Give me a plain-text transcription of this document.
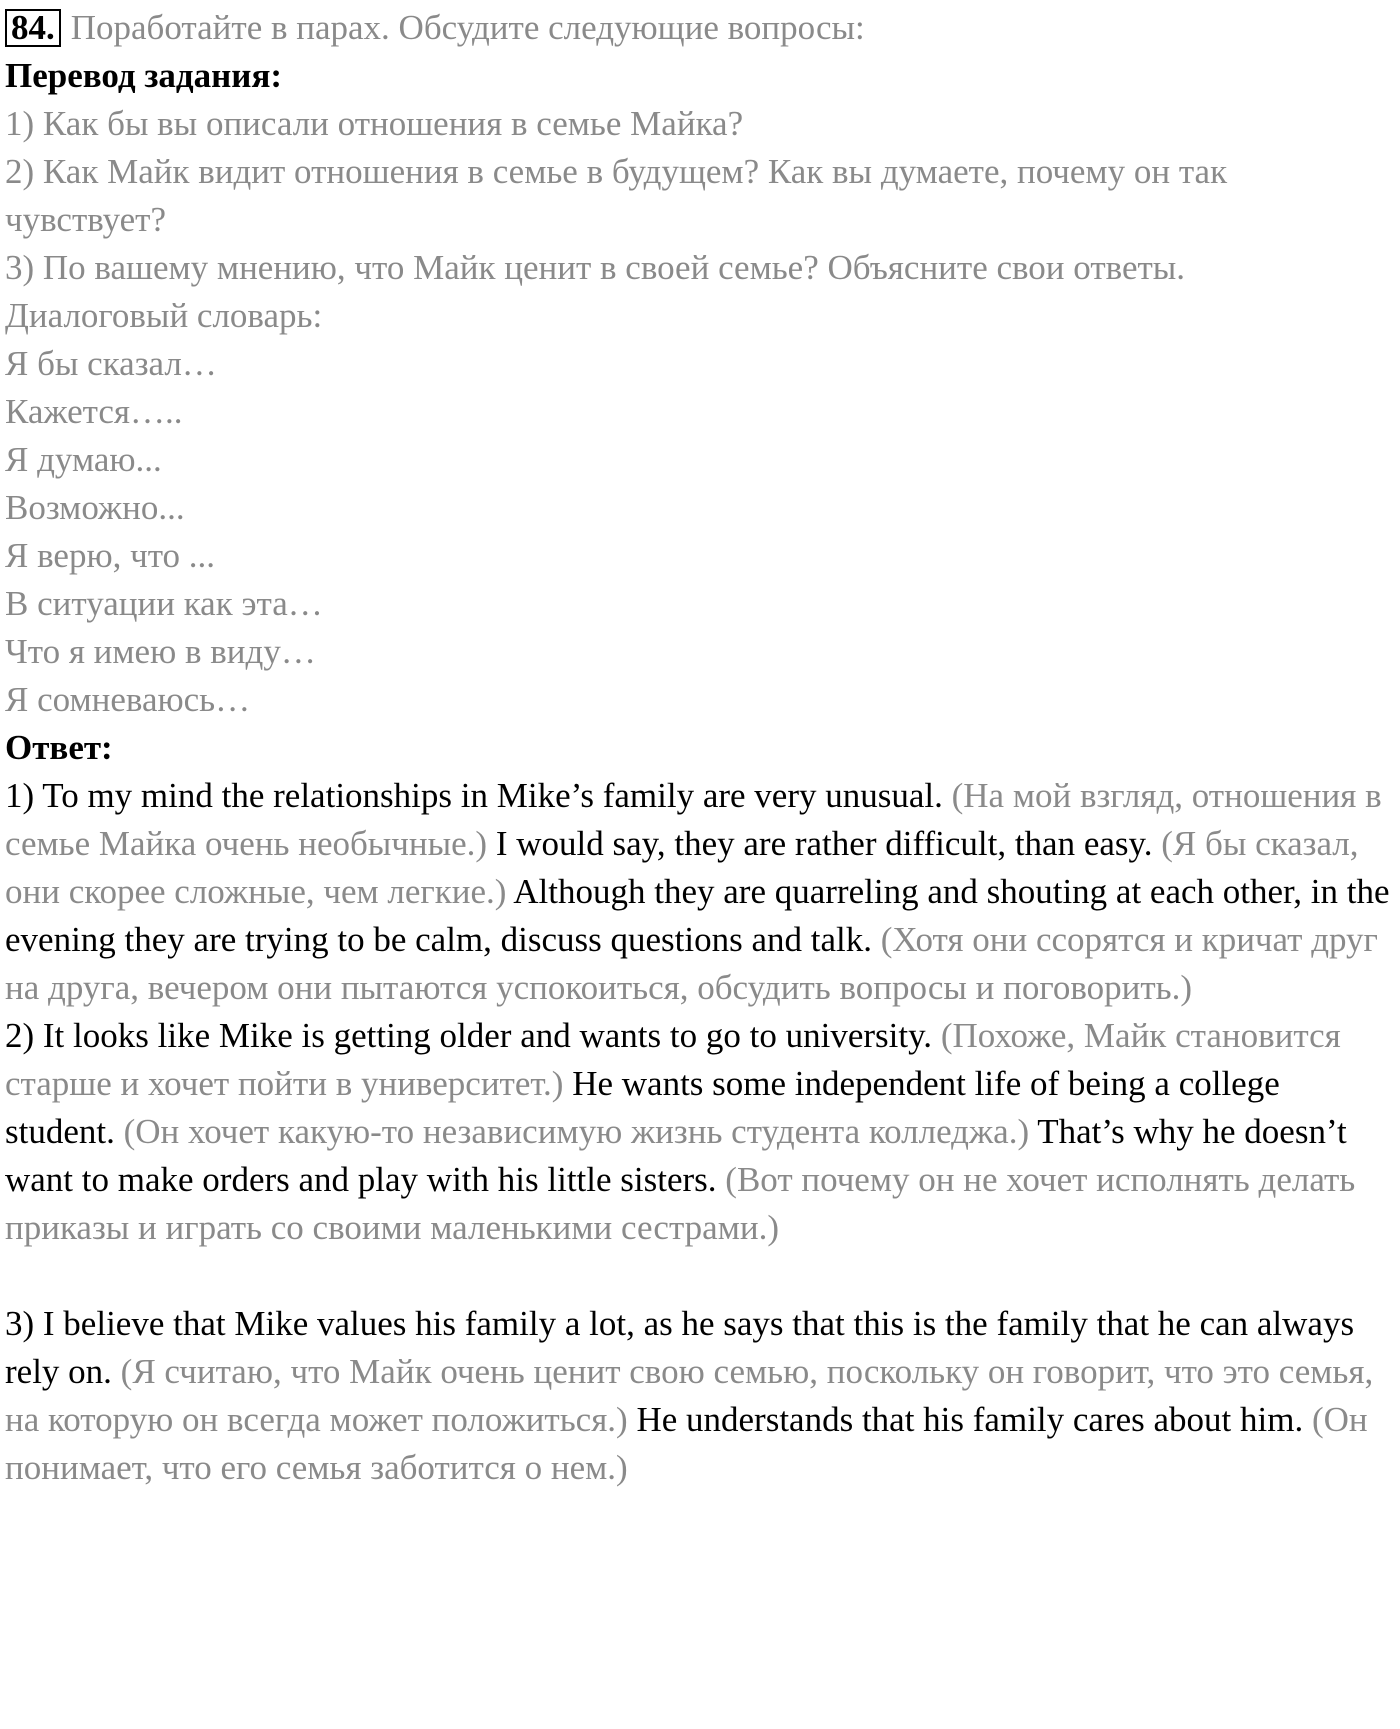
84. Поработайте в парах. Обсудите следующие вопросы:

Перевод задания:

1) Как бы вы описали отношения в семье Майка?

2) Как Майк видит отношения в семье в будущем? Как вы думаете, почему он так чувствует?

3) По вашему мнению, что Майк ценит в своей семье? Объясните свои ответы.

Диалоговый словарь:

Я бы сказал…

Кажется…..

Я думаю...

Возможно...

Я верю, что ...

В ситуации как эта…

Что я имею в виду…

Я сомневаюсь…

Ответ:

1) To my mind the relationships in Mike’s family are very unusual. (На мой взгляд, отношения в семье Майка очень необычные.) I would say, they are rather difficult, than easy. (Я бы сказал, они скорее сложные, чем легкие.) Although they are quarreling and shouting at each other, in the evening they are trying to be calm, discuss questions and talk. (Хотя они ссорятся и кричат друг на друга, вечером они пытаются успокоиться, обсудить вопросы и поговорить.)

2) It looks like Mike is getting older and wants to go to university. (Похоже, Майк становится старше и хочет пойти в университет.) He wants some independent life of being a college student. (Он хочет какую-то независимую жизнь студента колледжа.) That’s why he doesn’t want to make orders and play with his little sisters. (Вот почему он не хочет исполнять делать приказы и играть со своими маленькими сестрами.)

3) I believe that Mike values his family a lot, as he says that this is the family that he can always rely on. (Я считаю, что Майк очень ценит свою семью, поскольку он говорит, что это семья, на которую он всегда может положиться.) He understands that his family cares about him. (Он понимает, что его семья заботится о нем.)
